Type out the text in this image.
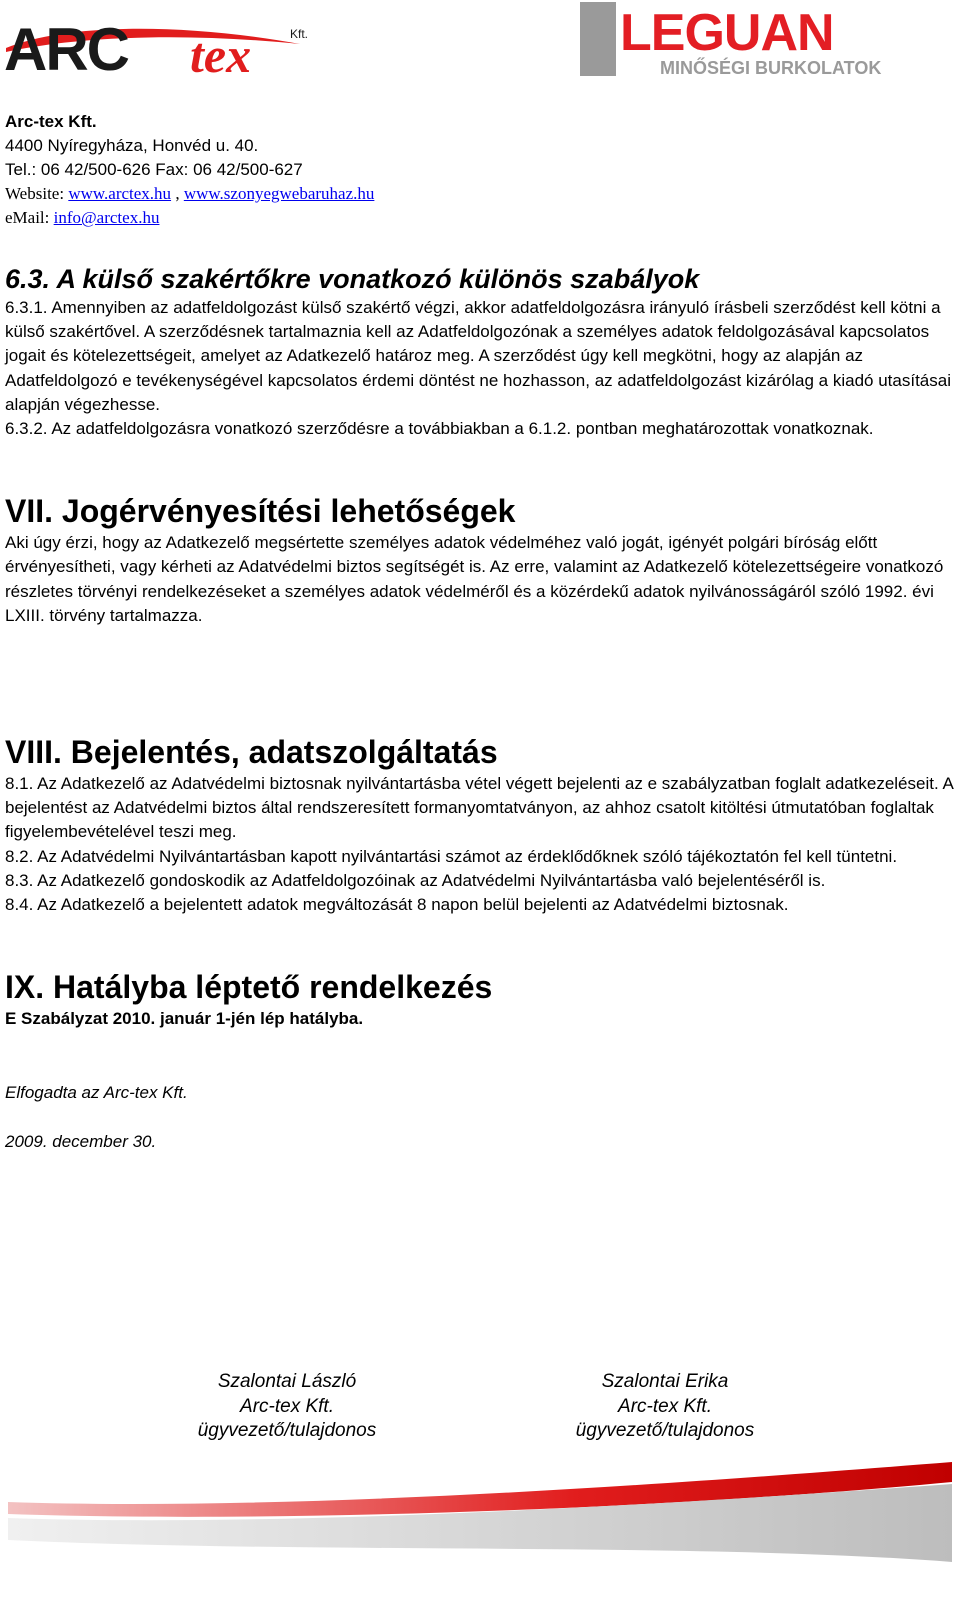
ARC tex	Kft.	LEGUAN
MINŐSÉGI BURKOLATOK
Arc-tex Kft.
4400 Nyíregyháza, Honvéd u. 40.
Tel.: 06 42/500-626 Fax: 06 42/500-627
Website: www.arctex.hu , www.szonyegwebaruhaz.hu
eMail: info@arctex.hu
6.3. A külső szakértőkre vonatkozó különös szabályok

6.3.1. Amennyiben az adatfeldolgozást külső szakértő végzi, akkor adatfeldolgozásra irányuló írásbeli szerződést kell kötni a külső szakértővel. A szerződésnek tartalmaznia kell az Adatfeldolgozónak a személyes adatok feldolgozásával kapcsolatos jogait és kötelezettségeit, amelyet az Adatkezelő határoz meg. A szerződést úgy kell megkötni, hogy az alapján az Adatfeldolgozó e tevékenységével kapcsolatos érdemi döntést ne hozhasson, az adatfeldolgozást kizárólag a kiadó utasításai alapján végezhesse.

6.3.2. Az adatfeldolgozásra vonatkozó szerződésre a továbbiakban a 6.1.2. pontban meghatározottak vonatkoznak.

VII. Jogérvényesítési lehetőségek

Aki úgy érzi, hogy az Adatkezelő megsértette személyes adatok védelméhez való jogát, igényét polgári bíróság előtt érvényesítheti, vagy kérheti az Adatvédelmi biztos segítségét is. Az erre, valamint az Adatkezelő kötelezettségeire vonatkozó részletes törvényi rendelkezéseket a személyes adatok védelméről és a közérdekű adatok nyilvánosságáról szóló 1992. évi LXIII. törvény tartalmazza.

VIII. Bejelentés, adatszolgáltatás

8.1. Az Adatkezelő az Adatvédelmi biztosnak nyilvántartásba vétel végett bejelenti az e szabályzatban foglalt adatkezeléseit. A bejelentést az Adatvédelmi biztos által rendszeresített formanyomtatványon, az ahhoz csatolt kitöltési útmutatóban foglaltak figyelembevételével teszi meg.

8.2. Az Adatvédelmi Nyilvántartásban kapott nyilvántartási számot az érdeklődőknek szóló tájékoztatón fel kell tüntetni.

8.3. Az Adatkezelő gondoskodik az Adatfeldolgozóinak az Adatvédelmi Nyilvántartásba való bejelentéséről is.

8.4. Az Adatkezelő a bejelentett adatok megváltozását 8 napon belül bejelenti az Adatvédelmi biztosnak.

IX. Hatályba léptető rendelkezés

E Szabályzat 2010. január 1-jén lép hatályba.

Elfogadta az Arc-tex Kft.

2009. december 30.

Szalontai László
Arc-tex Kft.
ügyvezető/tulajdonos
Szalontai Erika
Arc-tex Kft.
ügyvezető/tulajdonos
